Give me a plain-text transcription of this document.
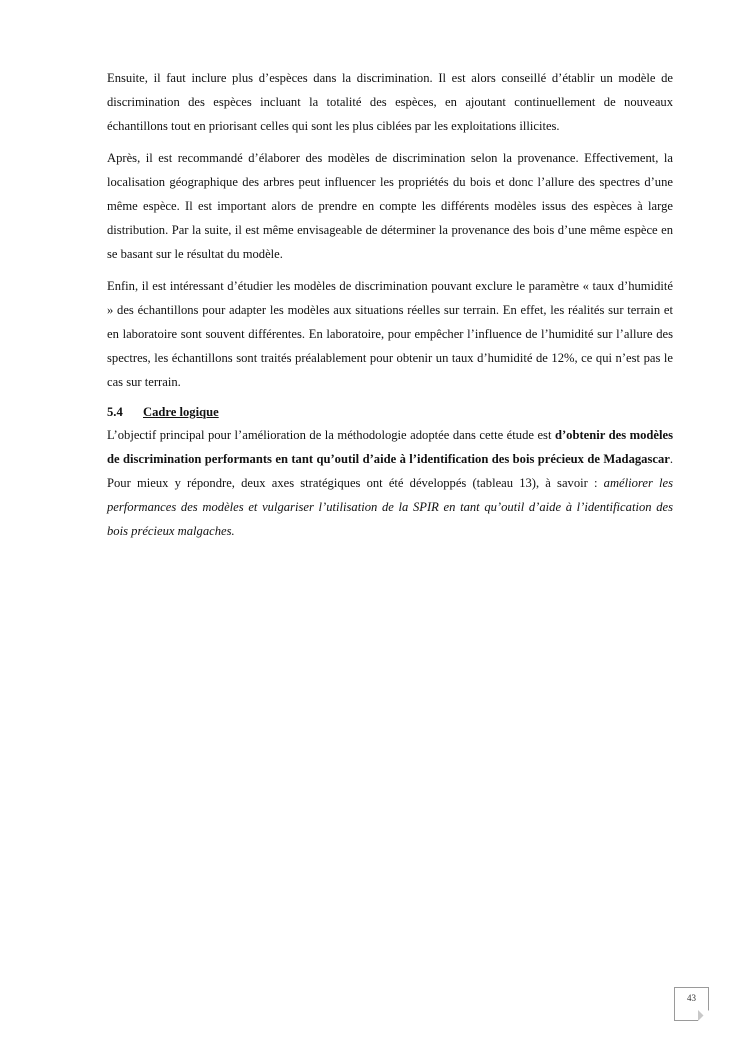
Ensuite, il faut inclure plus d’espèces dans la discrimination. Il est alors conseillé d’établir un modèle de discrimination des espèces incluant la totalité des espèces, en ajoutant continuellement de nouveaux échantillons tout en priorisant celles qui sont les plus ciblées par les exploitations illicites.

Après, il est recommandé d’élaborer des modèles de discrimination selon la provenance. Effectivement, la localisation géographique des arbres peut influencer les propriétés du bois et donc l’allure des spectres d’une même espèce. Il est important alors de prendre en compte les différents modèles issus des espèces à large distribution. Par la suite, il est même envisageable de déterminer la provenance des bois d’une même espèce en se basant sur le résultat du modèle.

Enfin, il est intéressant d’étudier les modèles de discrimination pouvant exclure le paramètre « taux d’humidité » des échantillons pour adapter les modèles aux situations réelles sur terrain. En effet, les réalités sur terrain et en laboratoire sont souvent différentes. En laboratoire, pour empêcher l’influence de l’humidité sur l’allure des spectres, les échantillons sont traités préalablement pour obtenir un taux d’humidité de 12%, ce qui n’est pas le cas sur terrain.

5.4	Cadre logique

L’objectif principal pour l’amélioration de la méthodologie adoptée dans cette étude est d’obtenir des modèles de discrimination performants en tant qu’outil d’aide à l’identification des bois précieux de Madagascar. Pour mieux y répondre, deux axes stratégiques ont été développés (tableau 13), à savoir : améliorer les performances des modèles et vulgariser l’utilisation de la SPIR en tant qu’outil d’aide à l’identification des bois précieux malgaches.

43
